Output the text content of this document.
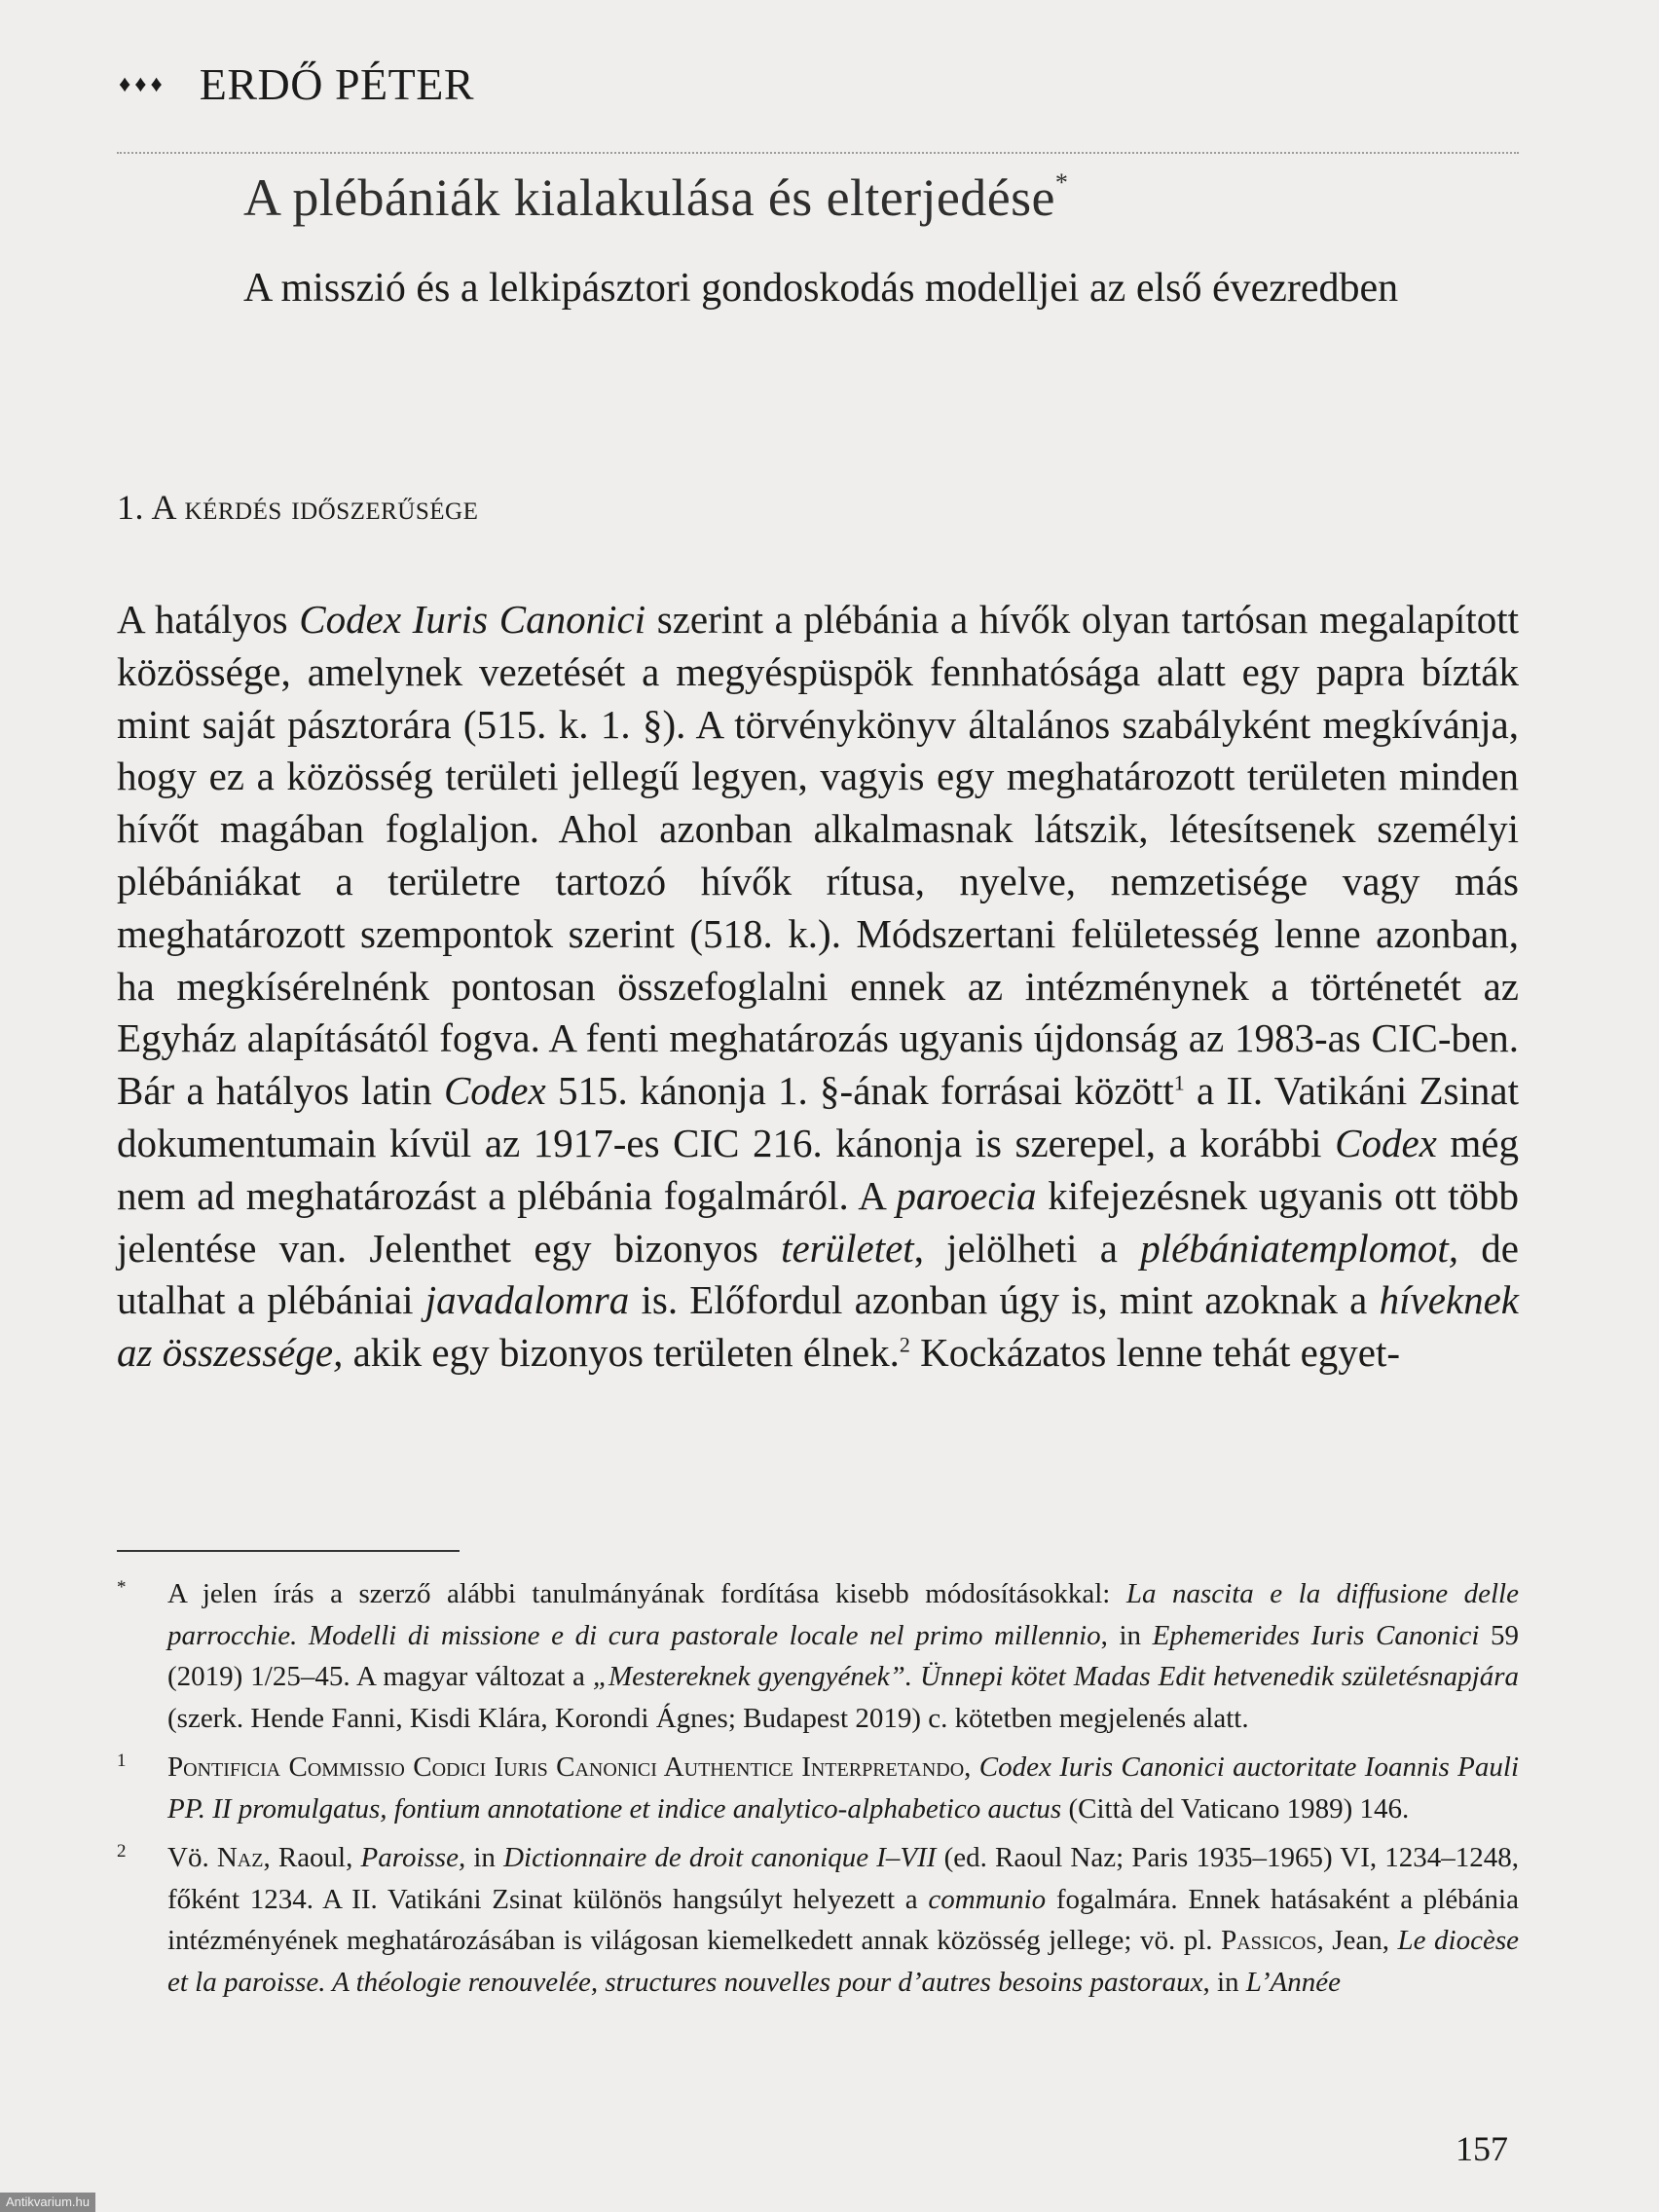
♦♦♦ ERDŐ PÉTER
A plébániák kialakulása és elterjedése*
A misszió és a lelkipásztori gondoskodás modelljei az első évezredben
1. A kérdés időszerűsége

A hatályos Codex Iuris Canonici szerint a plébánia a hívők olyan tartósan megalapított közössége, amelynek vezetését a megyéspüspök fennhatósága alatt egy papra bízták mint saját pásztorára (515. k. 1. §). A törvénykönyv általános szabályként megkívánja, hogy ez a közösség területi jellegű legyen, vagyis egy meghatározott területen minden hívőt magában foglaljon. Ahol azonban alkalmasnak látszik, létesítsenek személyi plébániákat a területre tartozó hívők rítusa, nyelve, nemzetisége vagy más meghatározott szempontok szerint (518. k.). Módszertani felületesség lenne azonban, ha megkísérelnénk pontosan összefoglalni ennek az intézménynek a történetét az Egyház alapításától fogva. A fenti meghatározás ugyanis újdonság az 1983-as CIC-ben. Bár a hatályos latin Codex 515. kánonja 1. §-ának forrásai között$^1$ a II. Vatikáni Zsinat dokumentumain kívül az 1917-es CIC 216. kánonja is szerepel, a korábbi Codex még nem ad meghatározást a plébánia fogalmáról. A paroecia kifejezésnek ugyanis ott több jelentése van. Jelenthet egy bizonyos területet, jelölheti a plébániatemplomot, de utalhat a plébániai javadalomra is. Előfordul azonban úgy is, mint azoknak a híveknek az összessége, akik egy bizonyos területen élnek.$^2$ Kockázatos lenne tehát egyet-

* A jelen írás a szerző alábbi tanulmányának fordítása kisebb módosításokkal: La nascita e la diffusione delle parrocchie. Modelli di missione e di cura pastorale locale nel primo millennio, in Ephemerides Iuris Canonici 59 (2019) 1/25–45. A magyar változat a „Mestereknek gyengyének”. Ünnepi kötet Madas Edit hetvenedik születésnapjára (szerk. Hende Fanni, Kisdi Klára, Korondi Ágnes; Budapest 2019) c. kötetben megjelenés alatt.
1 Pontificia Commissio Codici Iuris Canonici Authentice Interpretando, Codex Iuris Canonici auctoritate Ioannis Pauli PP. II promulgatus, fontium annotatione et indice analytico-alphabetico auctus (Città del Vaticano 1989) 146.
2 Vö. Naz, Raoul, Paroisse, in Dictionnaire de droit canonique I–VII (ed. Raoul Naz; Paris 1935–1965) VI, 1234–1248, főként 1234. A II. Vatikáni Zsinat különös hangsúlyt helyezett a communio fogalmára. Ennek hatásaként a plébánia intézményének meghatározásában is világosan kiemelkedett annak közösség jellege; vö. pl. Passicos, Jean, Le diocèse et la paroisse. A théologie renouvelée, structures nouvelles pour d’autres besoins pastoraux, in L’Année
157
Antikvarium.hu
